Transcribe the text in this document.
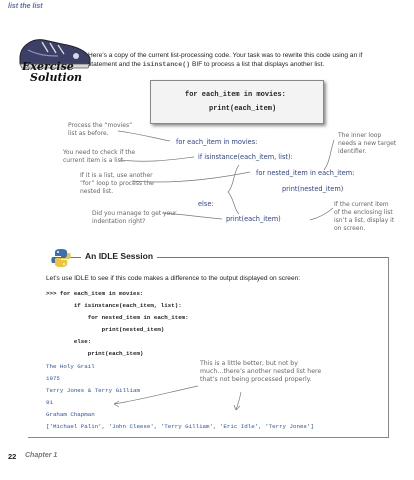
list the list
Exercise
Solution
Here’s a copy of the current list-processing code. Your task was to rewrite this code using an if statement and the isinstance() BIF to process a list that displays another list.
for each_item in movies:
print(each_item)
for each_item in movies:
if isinstance(each_item, list):
for nested_item in each_item:
print(nested_item)
else:
print(each_item)
Process the “movies”
list as before.
You need to check if the
current item is a list.
If it is a list, use another
“for” loop to process the
nested list.
Did you manage to get your
indentation right?
The inner loop
needs a new target
identifier.
If the current item
of the enclosing list
isn’t a list, display it
on screen.
An IDLE Session
Let’s use IDLE to see if this code makes a difference to the output displayed on screen:
>>> for each_item in movies:
if isinstance(each_item, list):
for nested_item in each_item:
print(nested_item)
else:
print(each_item)
The Holy Grail
1975
Terry Jones & Terry Gilliam
91
Graham Chapman
['Michael Palin', 'John Cleese', 'Terry Gilliam', 'Eric Idle', 'Terry Jones']
This is a little better, but not by
much…there’s another nested list here
that’s not being processed properly.
22 Chapter 1
